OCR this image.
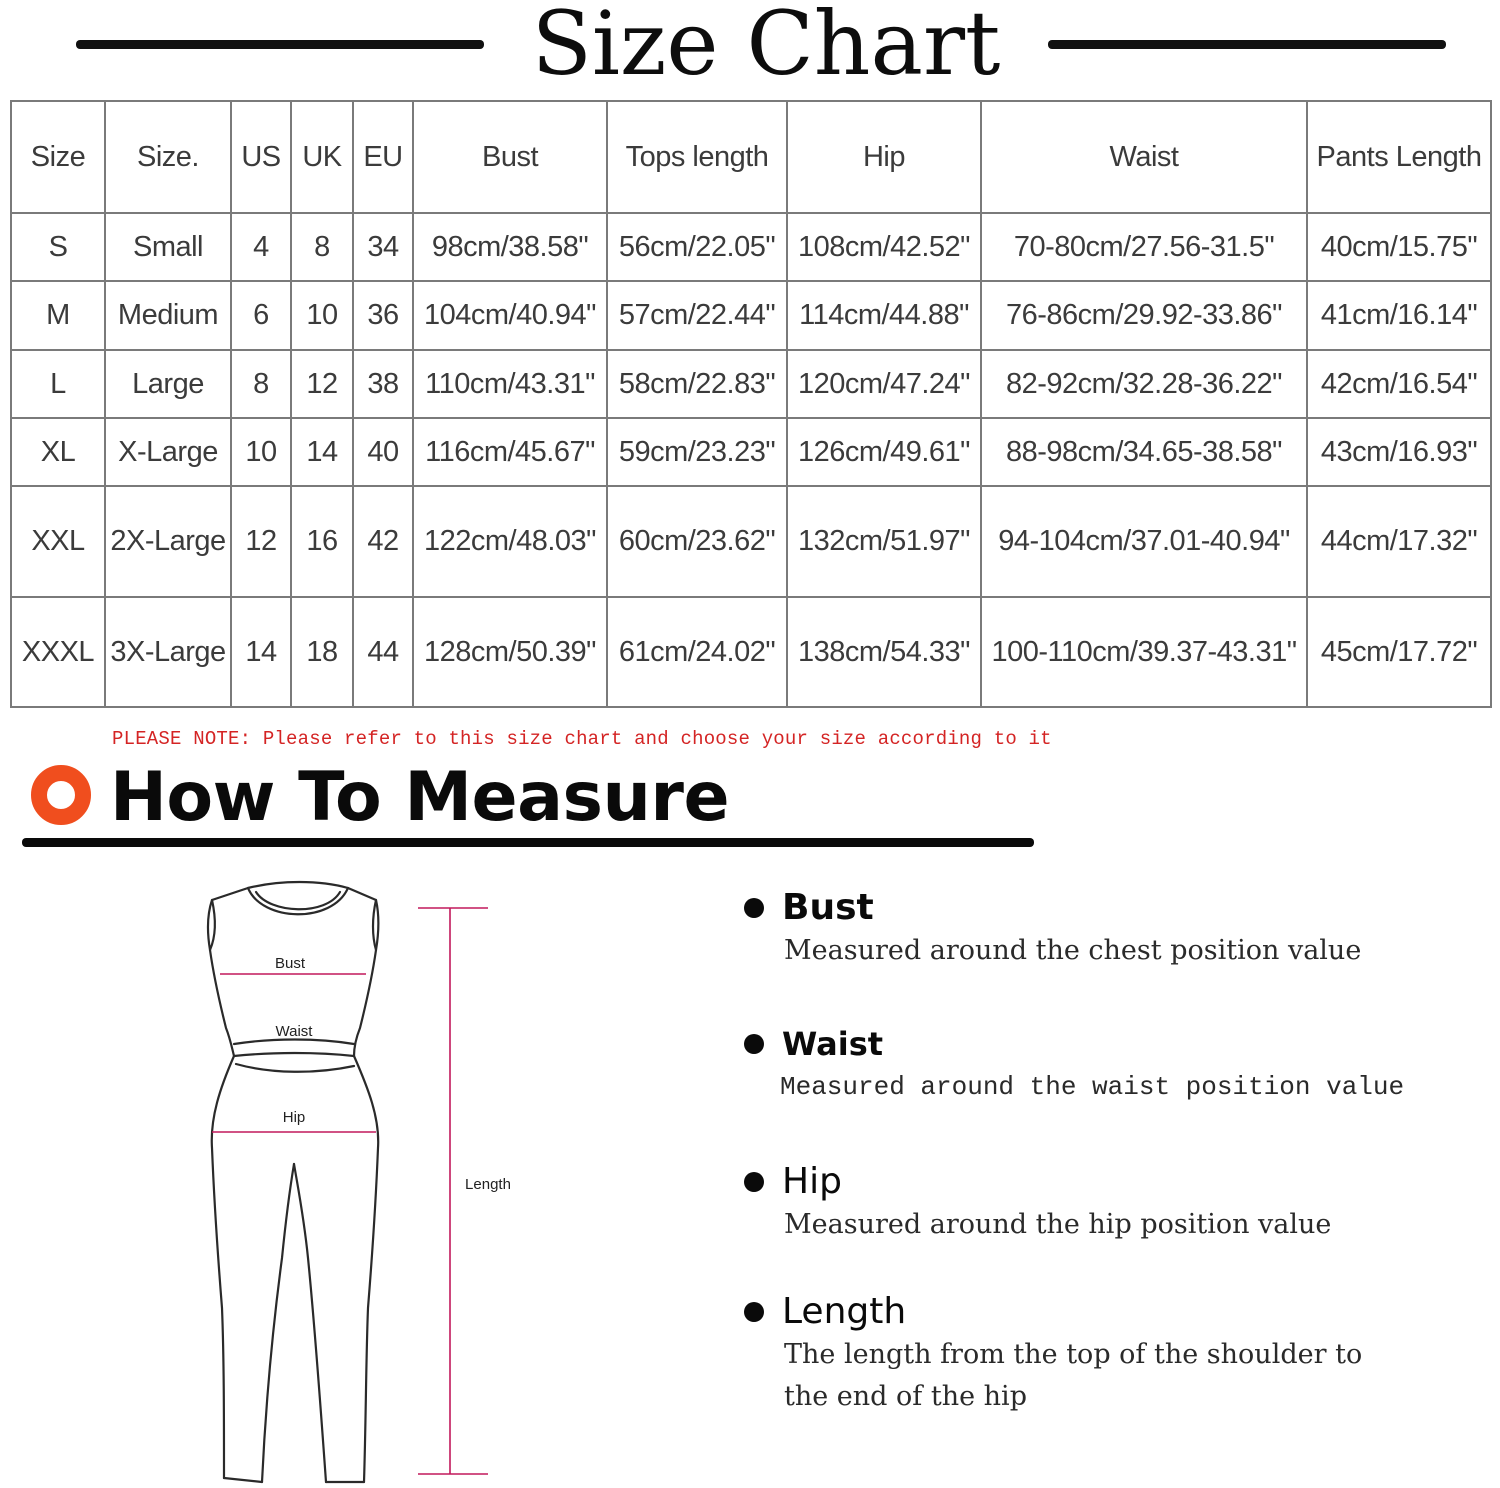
Size Chart
Size	Size.	US	UK	EU	Bust	Tops length	Hip	Waist	Pants Length
S	Small	4	8	34	98cm/38.58"	56cm/22.05"	108cm/42.52"	70-80cm/27.56-31.5"	40cm/15.75"
M	Medium	6	10	36	104cm/40.94"	57cm/22.44"	114cm/44.88"	76-86cm/29.92-33.86"	41cm/16.14"
L	Large	8	12	38	110cm/43.31"	58cm/22.83"	120cm/47.24"	82-92cm/32.28-36.22"	42cm/16.54"
XL	X-Large	10	14	40	116cm/45.67"	59cm/23.23"	126cm/49.61"	88-98cm/34.65-38.58"	43cm/16.93"
XXL	2X-Large	12	16	42	122cm/48.03"	60cm/23.62"	132cm/51.97"	94-104cm/37.01-40.94"	44cm/17.32"
XXXL	3X-Large	14	18	44	128cm/50.39"	61cm/24.02"	138cm/54.33"	100-110cm/39.37-43.31"	45cm/17.72"
PLEASE NOTE: Please refer to this size chart and choose your size according to it
How To Measure
Bust
Waist
Hip
Length
Bust
Measured around the chest position value
Waist
Measured around the waist position value
Hip
Measured around the hip position value
Length
The length from the top of the shoulder to
the end of the hip
